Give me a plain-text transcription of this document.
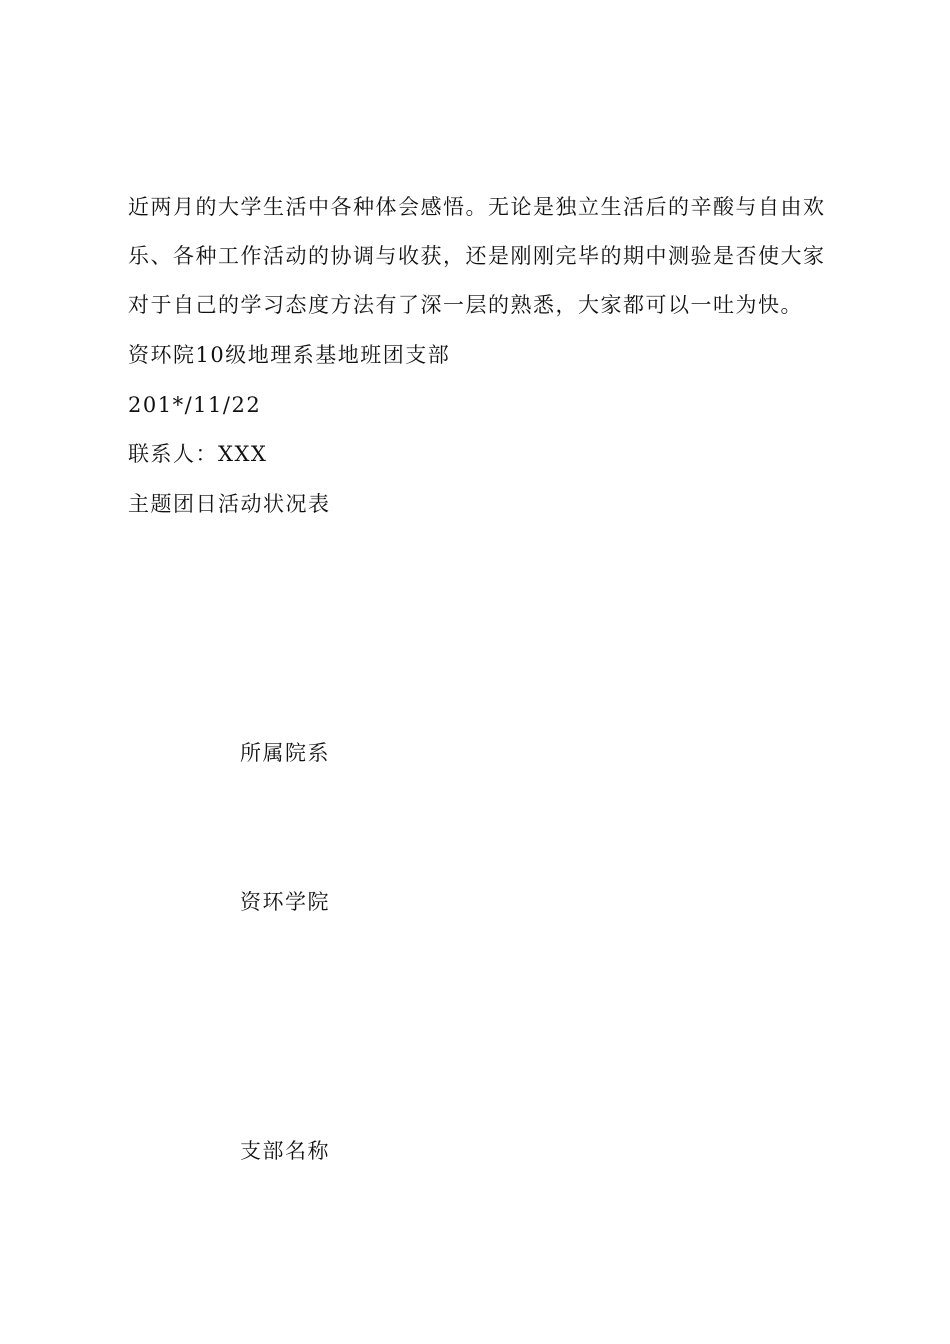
近两月的大学生活中各种体会感悟。无论是独立生活后的辛酸与自由欢
乐、各种工作活动的协调与收获，还是刚刚完毕的期中测验是否使大家
对于自己的学习态度方法有了深一层的熟悉，大家都可以一吐为快。
资环院10级地理系基地班团支部
201*/11/22
联系人：XXX
主题团日活动状况表
所属院系
资环学院
支部名称
